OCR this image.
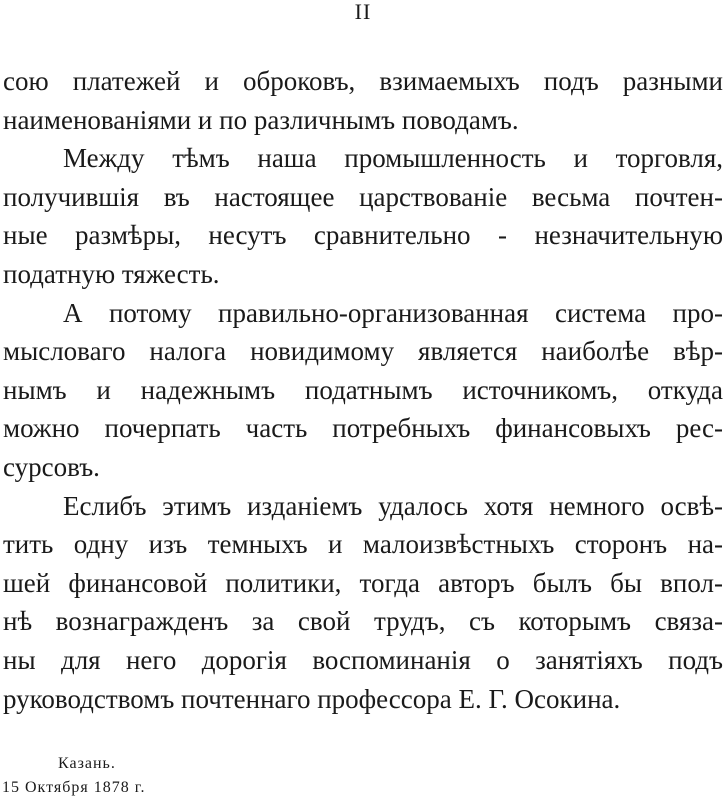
II
сою платежей и оброковъ, взимаемыхъ подъ разными
наименованіями и по различнымъ поводамъ.
Между тѣмъ наша промышленность и торговля,
получившія въ настоящее царствованіе весьма почтен-
ные размѣры, несутъ сравнительно - незначительную
податную тяжесть.
А потому правильно-организованная система про-
мысловаго налога новидимому является наиболѣе вѣр-
нымъ и надежнымъ податнымъ источникомъ, откуда
можно почерпать часть потребныхъ финансовыхъ рес-
сурсовъ.
Еслибъ этимъ изданіемъ удалось хотя немного освѣ-
тить одну изъ темныхъ и малоизвѣстныхъ сторонъ на-
шей финансовой политики, тогда авторъ былъ бы впол-
нѣ вознагражденъ за свой трудъ, съ которымъ связа-
ны для него дорогія воспоминанія о занятіяхъ подъ
руководствомъ почтеннаго профессора Е. Г. Осокина.
Казань.
15 Октября 1878 г.
